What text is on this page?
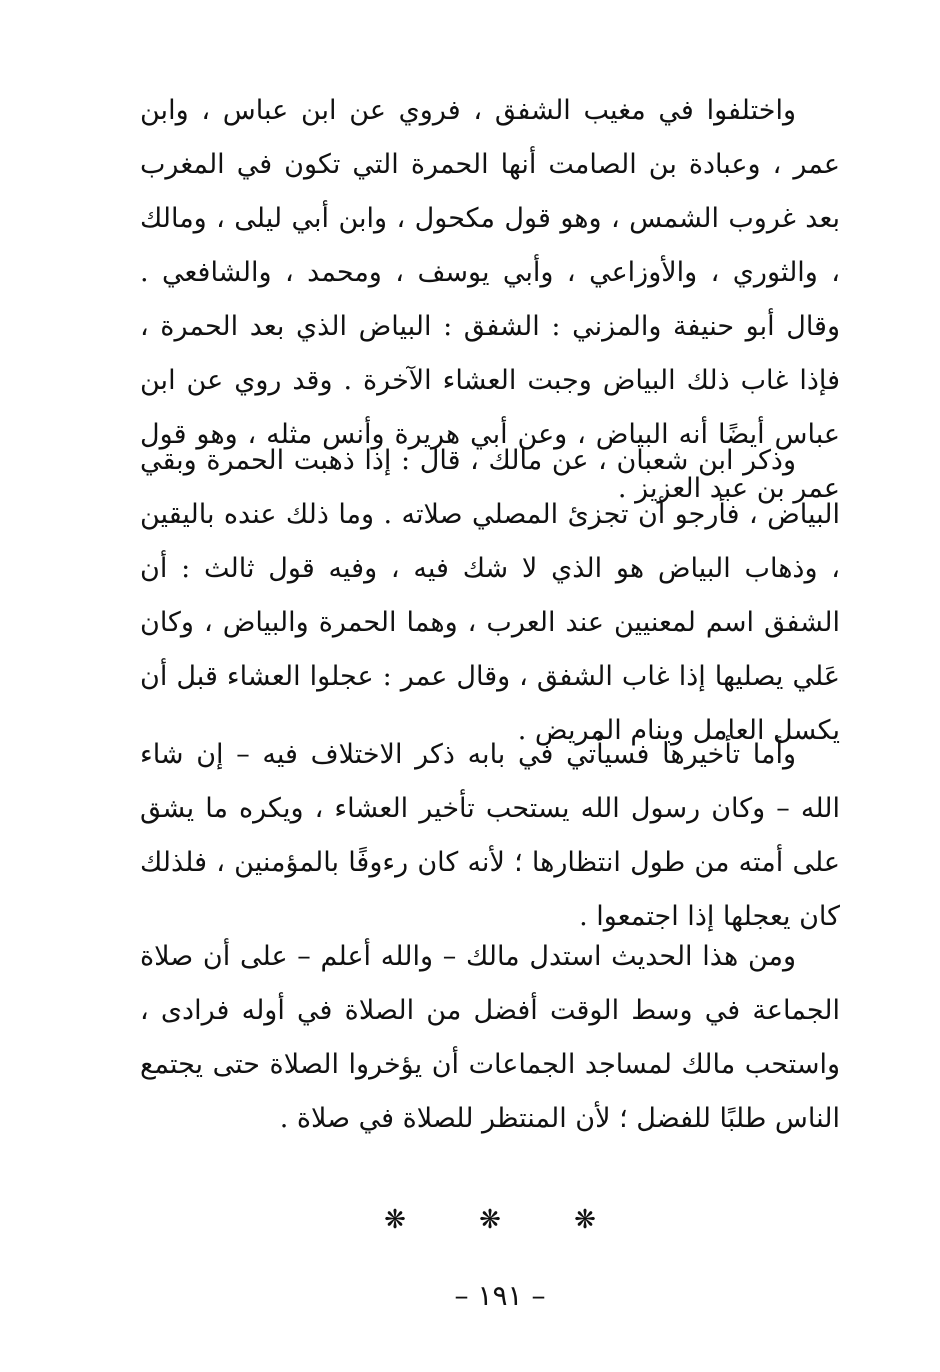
واختلفوا في مغيب الشفق ، فروي عن ابن عباس ، وابن عمر ، وعبادة بن الصامت أنها الحمرة التي تكون في المغرب بعد غروب الشمس ، وهو قول مكحول ، وابن أبي ليلى ، ومالك ، والثوري ، والأوزاعي ، وأبي يوسف ، ومحمد ، والشافعي . وقال أبو حنيفة والمزني : الشفق : البياض الذي بعد الحمرة ، فإذا غاب ذلك البياض وجبت العشاء الآخرة . وقد روي عن ابن عباس أيضًا أنه البياض ، وعن أبي هريرة وأنس مثله ، وهو قول عمر بن عبد العزيز .

وذكر ابن شعبان ، عن مالك ، قال : إذا ذهبت الحمرة وبقي البياض ، فأرجو أن تجزئ المصلي صلاته . وما ذلك عنده باليقين ، وذهاب البياض هو الذي لا شك فيه ، وفيه قول ثالث : أن الشفق اسم لمعنيين عند العرب ، وهما الحمرة والبياض ، وكان عَلي يصليها إذا غاب الشفق ، وقال عمر : عجلوا العشاء قبل أن يكسل العامل وينام المريض .

وأما تأخيرها فسيأتي في بابه ذكر الاختلاف فيه – إن شاء الله – وكان رسول الله يستحب تأخير العشاء ، ويكره ما يشق على أمته من طول انتظارها ؛ لأنه كان رءوفًا بالمؤمنين ، فلذلك كان يعجلها إذا اجتمعوا .

ومن هذا الحديث استدل مالك – والله أعلم – على أن صلاة الجماعة في وسط الوقت أفضل من الصلاة في أوله فرادى ، واستحب مالك لمساجد الجماعات أن يؤخروا الصلاة حتى يجتمع الناس طلبًا للفضل ؛ لأن المنتظر للصلاة في صلاة .

❋	❋	❋
– ١٩١ –
